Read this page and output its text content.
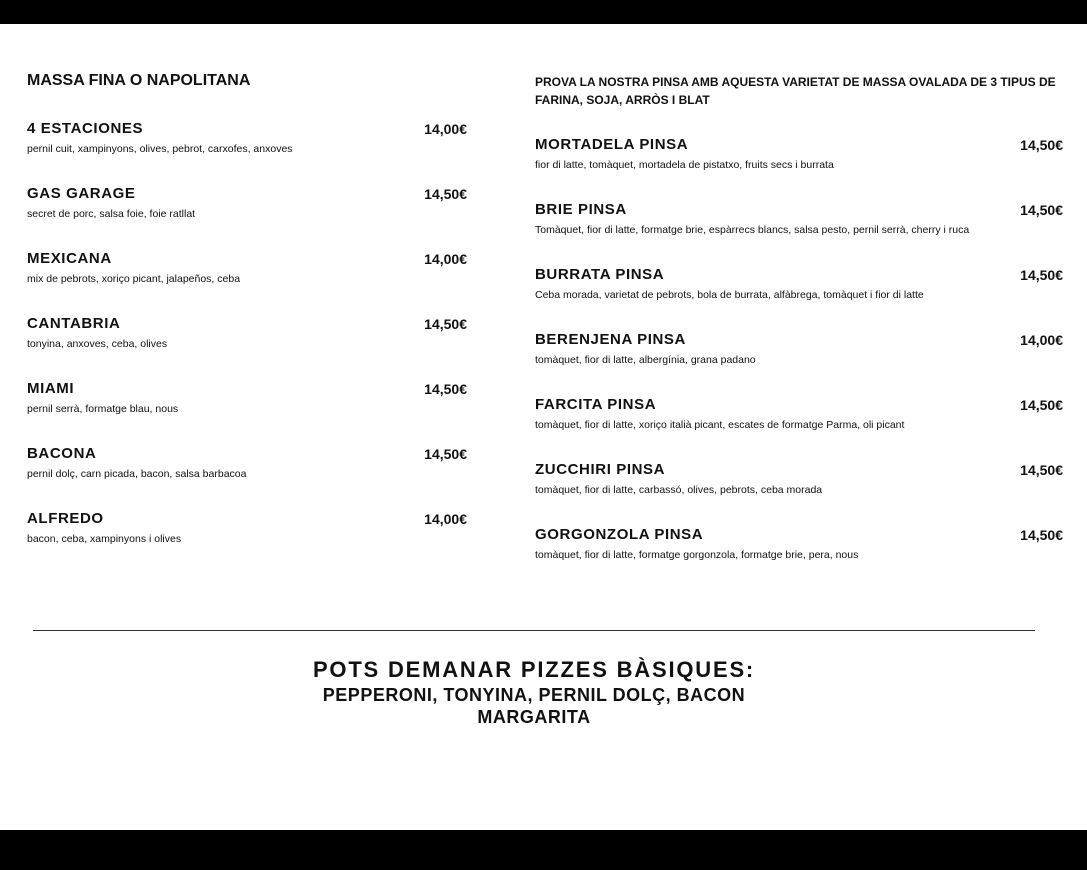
MASSA FINA O NAPOLITANA
4 ESTACIONES	14,00€
pernil cuit, xampinyons, olives, pebrot, carxofes, anxoves
GAS GARAGE	14,50€
secret de porc, salsa foie, foie ratllat
MEXICANA	14,00€
mix de pebrots, xoriço picant, jalapeños, ceba
CANTABRIA	14,50€
tonyina, anxoves, ceba, olives
MIAMI	14,50€
pernil serrà, formatge blau, nous
BACONA	14,50€
pernil dolç, carn picada, bacon, salsa barbacoa
ALFREDO	14,00€
bacon, ceba, xampinyons i olives

PROVA LA NOSTRA PINSA AMB AQUESTA VARIETAT DE MASSA OVALADA DE 3 TIPUS DE FARINA, SOJA, ARRÒS I BLAT

MORTADELA PINSA	14,50€
fior di latte, tomàquet, mortadela de pistatxo, fruits secs i burrata
BRIE PINSA	14,50€
Tomàquet, fior di latte, formatge brie, espàrrecs blancs, salsa pesto, pernil serrà, cherry i ruca
BURRATA PINSA	14,50€
Ceba morada, varietat de pebrots, bola de burrata, alfàbrega, tomàquet i fior di latte
BERENJENA PINSA	14,00€
tomàquet, fior di latte, albergínia, grana padano
FARCITA PINSA	14,50€
tomàquet, fior di latte, xoriço italià picant, escates de formatge Parma, oli picant
ZUCCHIRI PINSA	14,50€
tomàquet, fior di latte, carbassó, olives, pebrots, ceba morada
GORGONZOLA PINSA	14,50€
tomàquet, fior di latte, formatge gorgonzola, formatge brie, pera, nous
POTS DEMANAR PIZZES BÀSIQUES:
PEPPERONI, TONYINA, PERNIL DOLÇ, BACON
MARGARITA
